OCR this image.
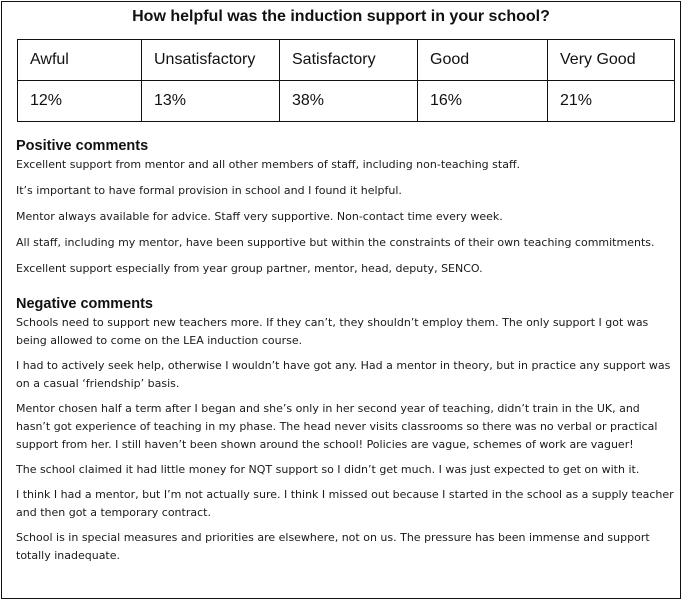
How helpful was the induction support in your school?
Awful	Unsatisfactory	Satisfactory	Good	Very Good
12%	13%	38%	16%	21%
Positive comments

Excellent support from mentor and all other members of staff, including non-teaching staff.

It’s important to have formal provision in school and I found it helpful.

Mentor always available for advice. Staff very supportive. Non-contact time every week.

All staff, including my mentor, have been supportive but within the constraints of their own teaching commitments.

Excellent support especially from year group partner, mentor, head, deputy, SENCO.

Negative comments

Schools need to support new teachers more. If they can’t, they shouldn’t employ them. The only support I got was being allowed to come on the LEA induction course.

I had to actively seek help, otherwise I wouldn’t have got any. Had a mentor in theory, but in practice any support was on a casual ‘friendship’ basis.

Mentor chosen half a term after I began and she’s only in her second year of teaching, didn’t train in the UK, and hasn’t got experience of teaching in my phase. The head never visits classrooms so there was no verbal or practical support from her. I still haven’t been shown around the school! Policies are vague, schemes of work are vaguer!

The school claimed it had little money for NQT support so I didn’t get much. I was just expected to get on with it.

I think I had a mentor, but I’m not actually sure. I think I missed out because I started in the school as a supply teacher and then got a temporary contract.

School is in special measures and priorities are elsewhere, not on us. The pressure has been immense and support totally inadequate.
